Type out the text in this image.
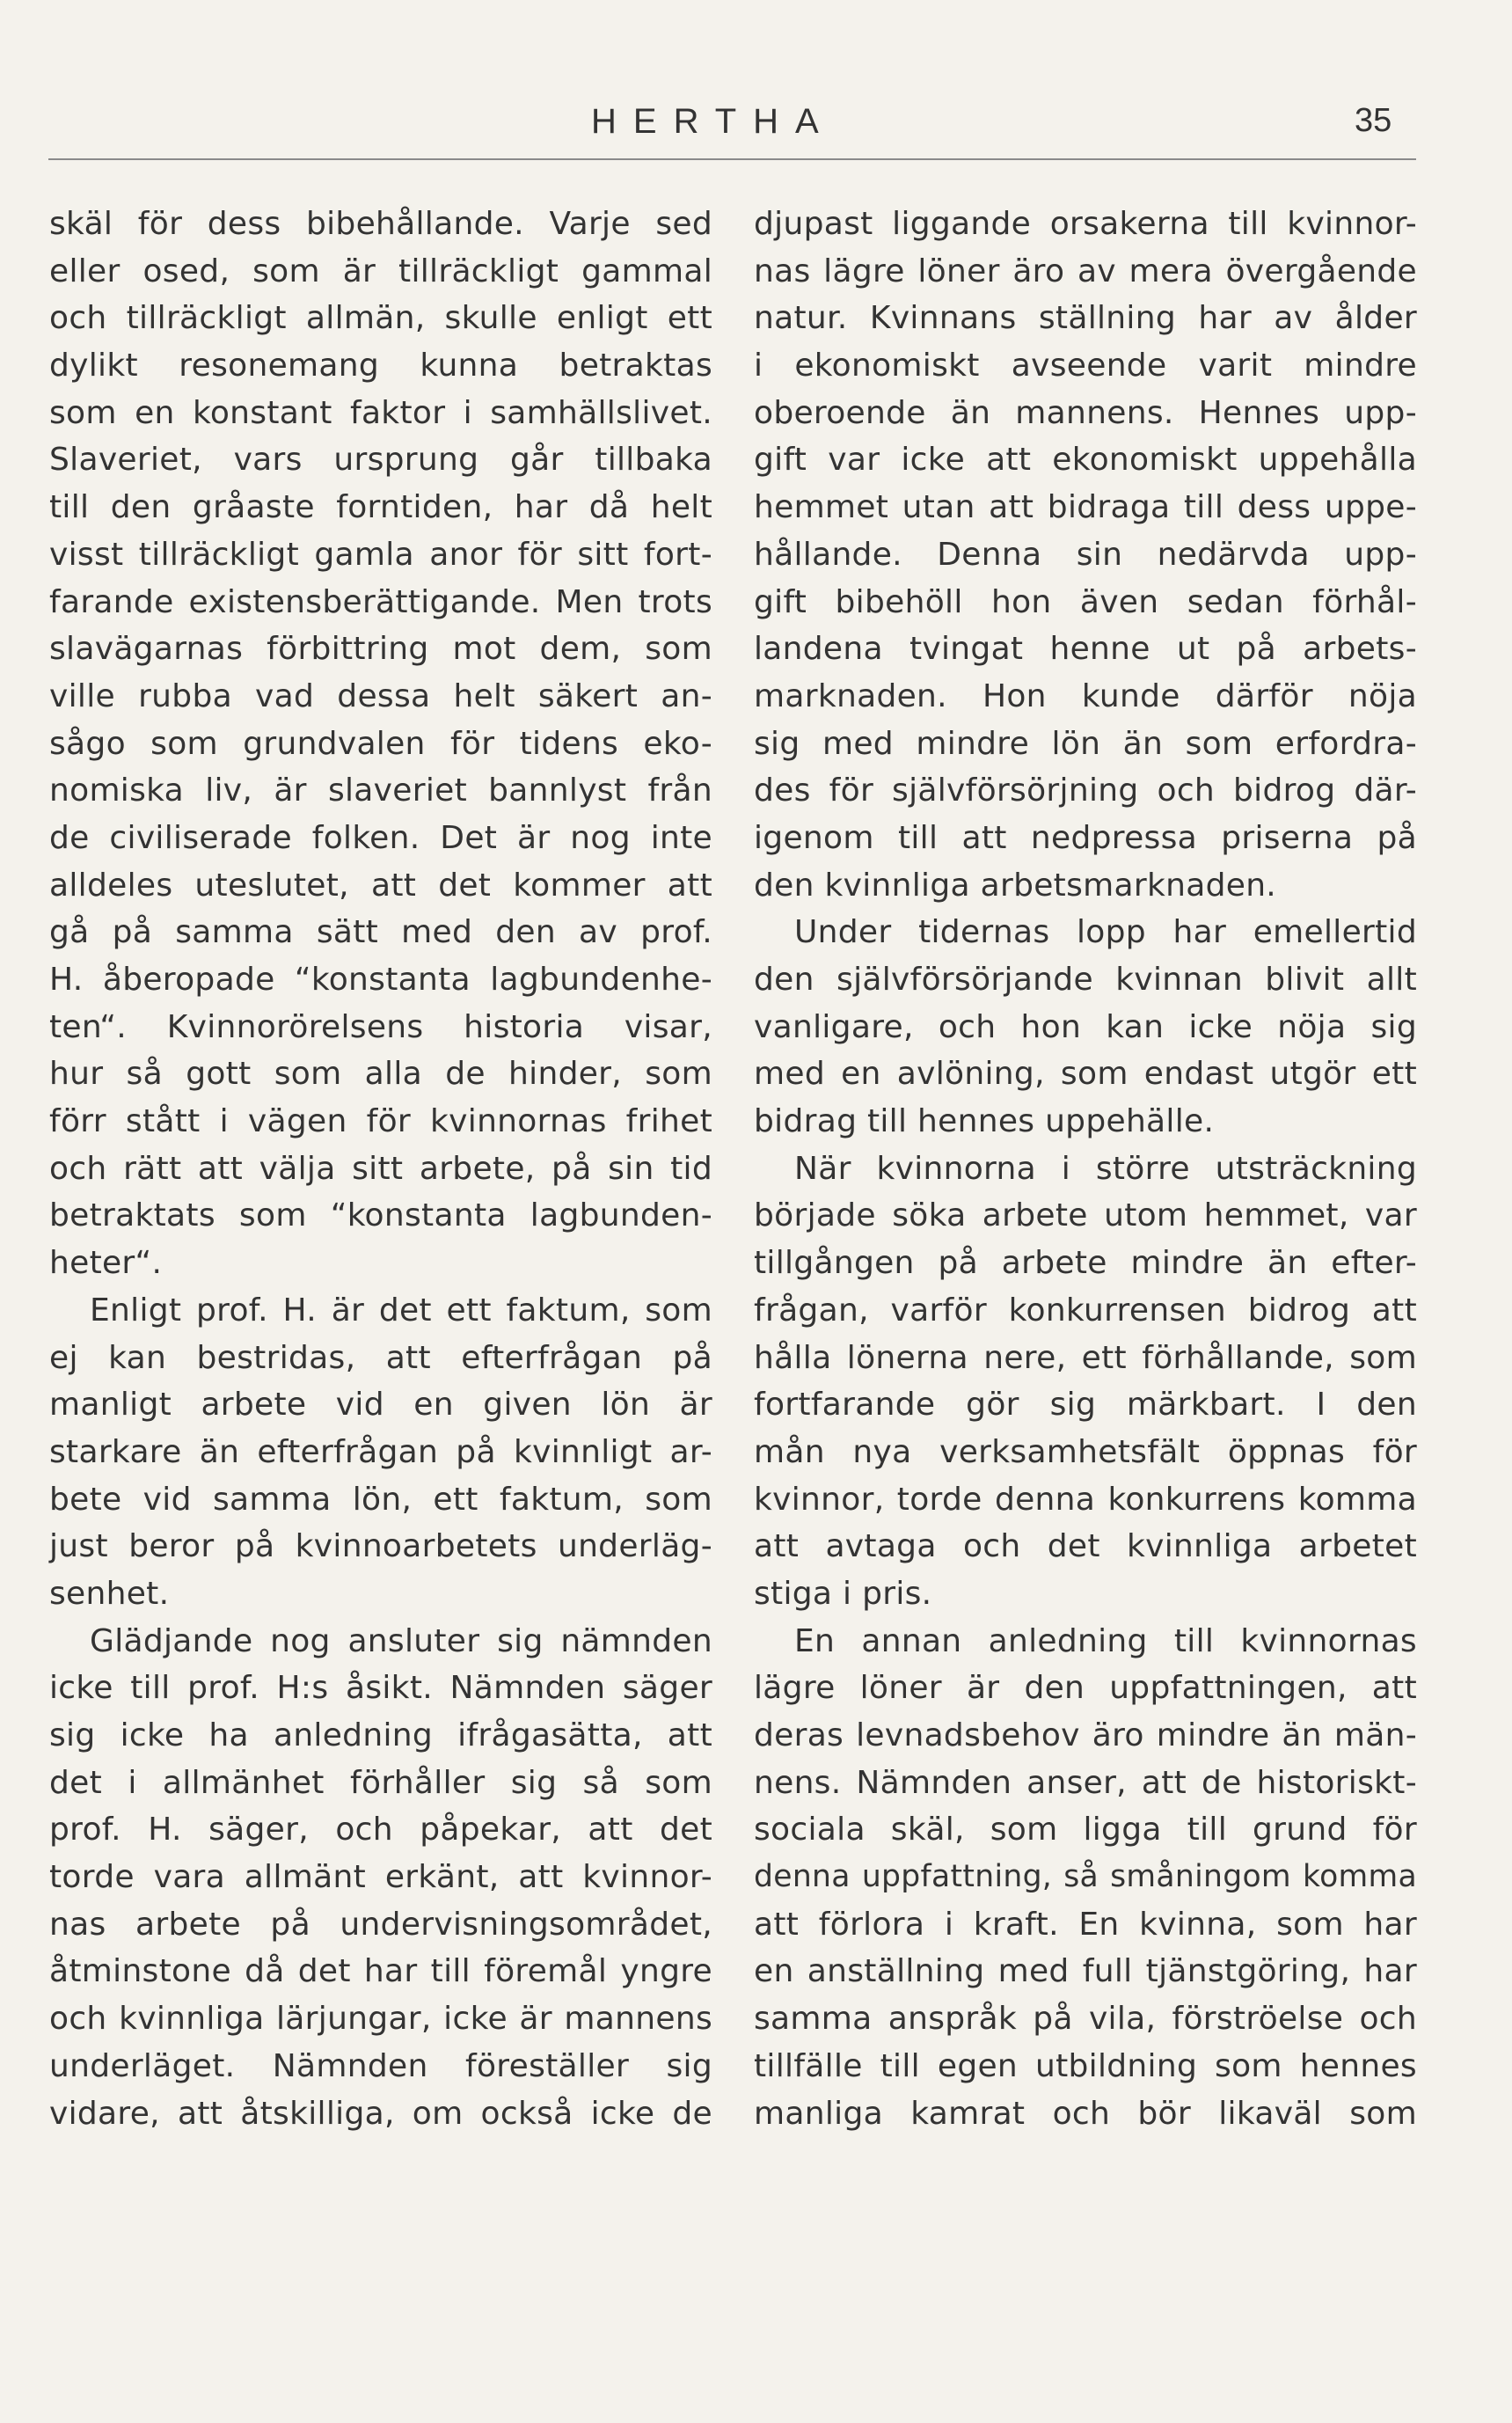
HERTHA	35
skäl för dess bibehållande. Varje sed
eller osed, som är tillräckligt gammal
och tillräckligt allmän, skulle enligt ett
dylikt resonemang kunna betraktas
som en konstant faktor i samhällslivet.
Slaveriet, vars ursprung går tillbaka
till den gråaste forntiden, har då helt
visst tillräckligt gamla anor för sitt fort-
farande existensberättigande. Men trots
slavägarnas förbittring mot dem, som
ville rubba vad dessa helt säkert an-
sågo som grundvalen för tidens eko-
nomiska liv, är slaveriet bannlyst från
de civiliserade folken. Det är nog inte
alldeles uteslutet, att det kommer att
gå på samma sätt med den av prof.
H. åberopade “konstanta lagbundenhe-
ten“. Kvinnorörelsens historia visar,
hur så gott som alla de hinder, som
förr stått i vägen för kvinnornas frihet
och rätt att välja sitt arbete, på sin tid
betraktats som “konstanta lagbunden-
heter“.
Enligt prof. H. är det ett faktum, som
ej kan bestridas, att efterfrågan på
manligt arbete vid en given lön är
starkare än efterfrågan på kvinnligt ar-
bete vid samma lön, ett faktum, som
just beror på kvinnoarbetets underläg-
senhet.
Glädjande nog ansluter sig nämnden
icke till prof. H:s åsikt. Nämnden säger
sig icke ha anledning ifrågasätta, att
det i allmänhet förhåller sig så som
prof. H. säger, och påpekar, att det
torde vara allmänt erkänt, att kvinnor-
nas arbete på undervisningsområdet,
åtminstone då det har till föremål yngre
och kvinnliga lärjungar, icke är mannens
underläget. Nämnden föreställer sig
vidare, att åtskilliga, om också icke de
djupast liggande orsakerna till kvinnor-
nas lägre löner äro av mera övergående
natur. Kvinnans ställning har av ålder
i ekonomiskt avseende varit mindre
oberoende än mannens. Hennes upp-
gift var icke att ekonomiskt uppehålla
hemmet utan att bidraga till dess uppe-
hållande. Denna sin nedärvda upp-
gift bibehöll hon även sedan förhål-
landena tvingat henne ut på arbets-
marknaden. Hon kunde därför nöja
sig med mindre lön än som erfordra-
des för självförsörjning och bidrog där-
igenom till att nedpressa priserna på
den kvinnliga arbetsmarknaden.
Under tidernas lopp har emellertid
den självförsörjande kvinnan blivit allt
vanligare, och hon kan icke nöja sig
med en avlöning, som endast utgör ett
bidrag till hennes uppehälle.
När kvinnorna i större utsträckning
började söka arbete utom hemmet, var
tillgången på arbete mindre än efter-
frågan, varför konkurrensen bidrog att
hålla lönerna nere, ett förhållande, som
fortfarande gör sig märkbart. I den
mån nya verksamhetsfält öppnas för
kvinnor, torde denna konkurrens komma
att avtaga och det kvinnliga arbetet
stiga i pris.
En annan anledning till kvinnornas
lägre löner är den uppfattningen, att
deras levnadsbehov äro mindre än män-
nens. Nämnden anser, att de historiskt-
sociala skäl, som ligga till grund för
denna uppfattning, så småningom komma
att förlora i kraft. En kvinna, som har
en anställning med full tjänstgöring, har
samma anspråk på vila, förströelse och
tillfälle till egen utbildning som hennes
manliga kamrat och bör likaväl som
